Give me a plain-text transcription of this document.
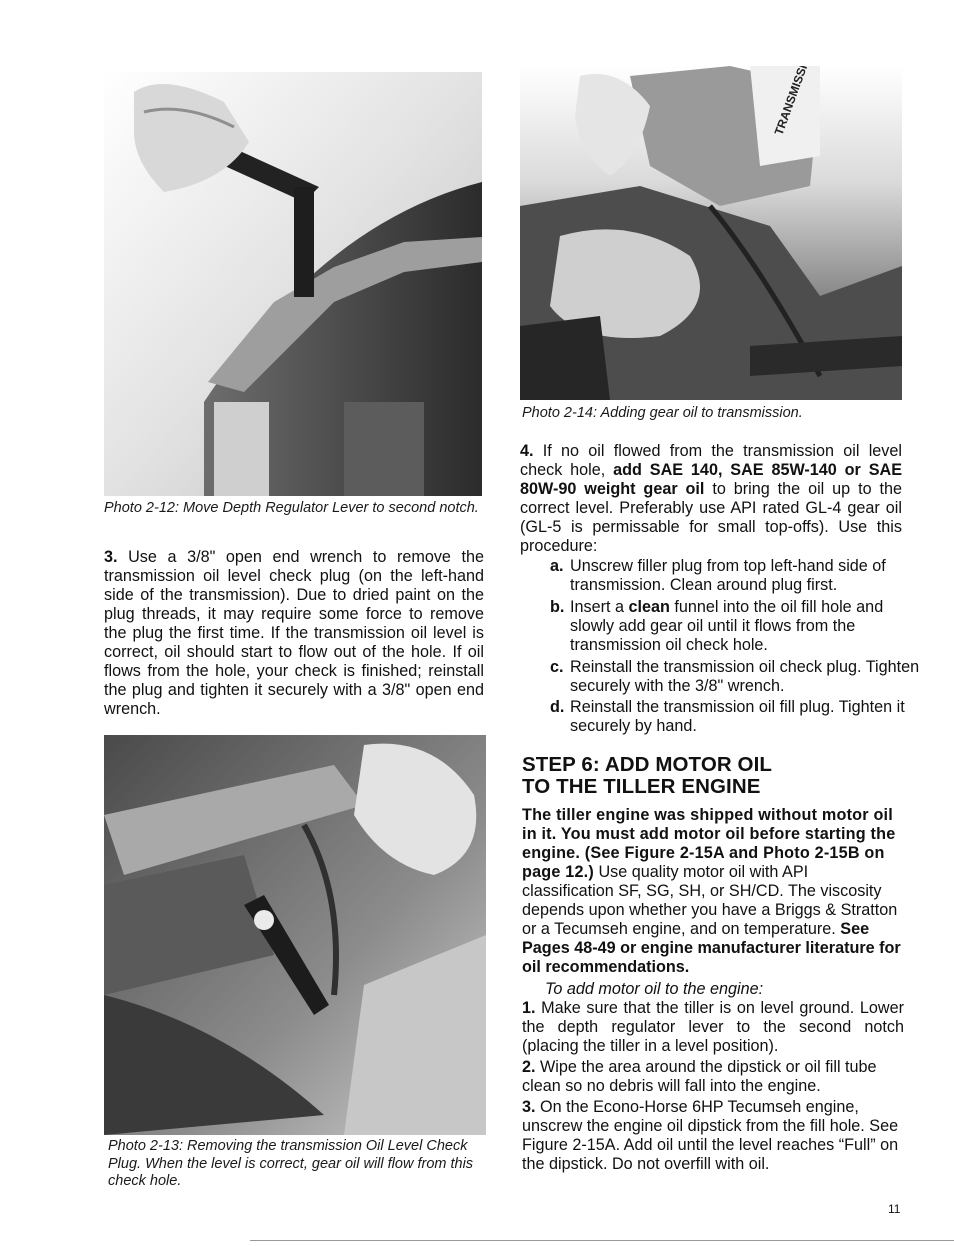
Photo 2-12: Move Depth Regulator Lever to second notch.
3. Use a 3/8" open end wrench to remove the transmission oil level check plug (on the left-hand side of the transmission). Due to dried paint on the plug threads, it may require some force to remove the plug the first time. If the transmission oil level is correct, oil should start to flow out of the hole. If oil flows from the hole, your check is finished; reinstall the plug and tighten it securely with a 3/8" open end wrench.
Photo 2-13: Removing the transmission Oil Level Check Plug. When the level is correct, gear oil will flow from this check hole.
TRANSMISSION
Photo 2-14: Adding gear oil to transmission.
4. If no oil flowed from the transmission oil level check hole, add SAE 140, SAE 85W-140 or SAE 80W-90 weight gear oil to bring the oil up to the correct level. Preferably use API rated GL-4 gear oil (GL-5 is permissable for small top-offs). Use this procedure:
a. Unscrew filler plug from top left-hand side of transmission. Clean around plug first.
b. Insert a clean funnel into the oil fill hole and slowly add gear oil until it flows from the transmission oil check hole.
c. Reinstall the transmission oil check plug. Tighten securely with the 3/8" wrench.
d. Reinstall the transmission oil fill plug. Tighten it securely by hand.
STEP 6: ADD MOTOR OIL
TO THE TILLER ENGINE
The tiller engine was shipped without motor oil in it. You must add motor oil before starting the engine. (See Figure 2-15A and Photo 2-15B on page 12.) Use quality motor oil with API classification SF, SG, SH, or SH/CD. The viscosity depends upon whether you have a Briggs & Stratton or a Tecumseh engine, and on temperature. See Pages 48-49 or engine manufacturer literature for oil recommendations.
To add motor oil to the engine:
1. Make sure that the tiller is on level ground. Lower the depth regulator lever to the second notch (placing the tiller in a level position).
2. Wipe the area around the dipstick or oil fill tube clean so no debris will fall into the engine.
3. On the Econo-Horse 6HP Tecumseh engine, unscrew the engine oil dipstick from the fill hole. See Figure 2-15A. Add oil until the level reaches “Full” on the dipstick. Do not overfill with oil.
11
